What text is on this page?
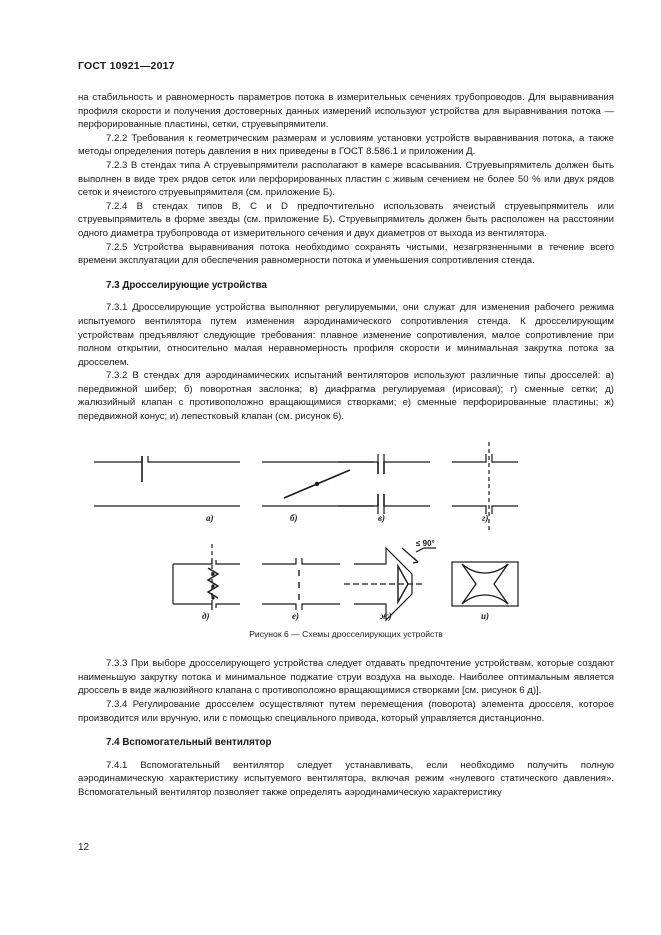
ГОСТ 10921—2017

на стабильность и равномерность параметров потока в измерительных сечениях трубопроводов. Для выравнивания профиля скорости и получения достоверных данных измерений используют устройства для выравнивания потока — перфорированные пластины, сетки, струевыпрямители.

7.2.2 Требования к геометрическим размерам и условиям установки устройств выравнивания потока, а также методы определения потерь давления в них приведены в ГОСТ 8.586.1 и приложении Д.

7.2.3 В стендах типа А струевыпрямители располагают в камере всасывания. Струевыпрямитель должен быть выполнен в виде трех рядов сеток или перфорированных пластин с живым сечением не более 50 % или двух рядов сеток и ячеистого струевыпрямителя (см. приложение Б).

7.2.4 В стендах типов В, С и D предпочтительно использовать ячеистый струевыпрямитель или струевыпрямитель в форме звезды (см. приложение Б). Струевыпрямитель должен быть расположен на расстоянии одного диаметра трубопровода от измерительного сечения и двух диаметров от выхода из вентилятора.

7.2.5 Устройства выравнивания потока необходимо сохранять чистыми, незагрязненными в течение всего времени эксплуатации для обеспечения равномерности потока и уменьшения сопротивления стенда.

7.3 Дросселирующие устройства

7.3.1 Дросселирующие устройства выполняют регулируемыми, они служат для изменения рабочего режима испытуемого вентилятора путем изменения аэродинамического сопротивления стенда. К дросселирующим устройствам предъявляют следующие требования: плавное изменение сопротивления, малое сопротивление при полном открытии, относительно малая неравномерность профиля скорости и минимальная закрутка потока за дросселем.

7.3.2 В стендах для аэродинамических испытаний вентиляторов используют различные типы дросселей: а) передвижной шибер; б) поворотная заслонка; в) диафрагма регулируемая (ирисовая); г) сменные сетки; д) жалюзийный клапан с противоположно вращающимися створками; е) сменные перфорированные пластины; ж) передвижной конус; и) лепестковый клапан (см. рисунок 6).

а)	б)	в)	г)
д)	е)	ж)	и)
≤ 90°
Рисунок 6 — Схемы дросселирующих устройств

7.3.3 При выборе дросселирующего устройства следует отдавать предпочтение устройствам, которые создают наименьшую закрутку потока и минимальное поджатие струи воздуха на выходе. Наиболее оптимальным является дроссель в виде жалюзийного клапана с противоположно вращающимися створками [см. рисунок 6 д)].

7.3.4 Регулирование дросселем осуществляют путем перемещения (поворота) элемента дросселя, которое производится или вручную, или с помощью специального привода, который управляется дистанционно.

7.4 Вспомогательный вентилятор

7.4.1 Вспомогательный вентилятор следует устанавливать, если необходимо получить полную аэродинамическую характеристику испытуемого вентилятора, включая режим «нулевого статического давления». Вспомогательный вентилятор позволяет также определять аэродинамическую характеристику

12
